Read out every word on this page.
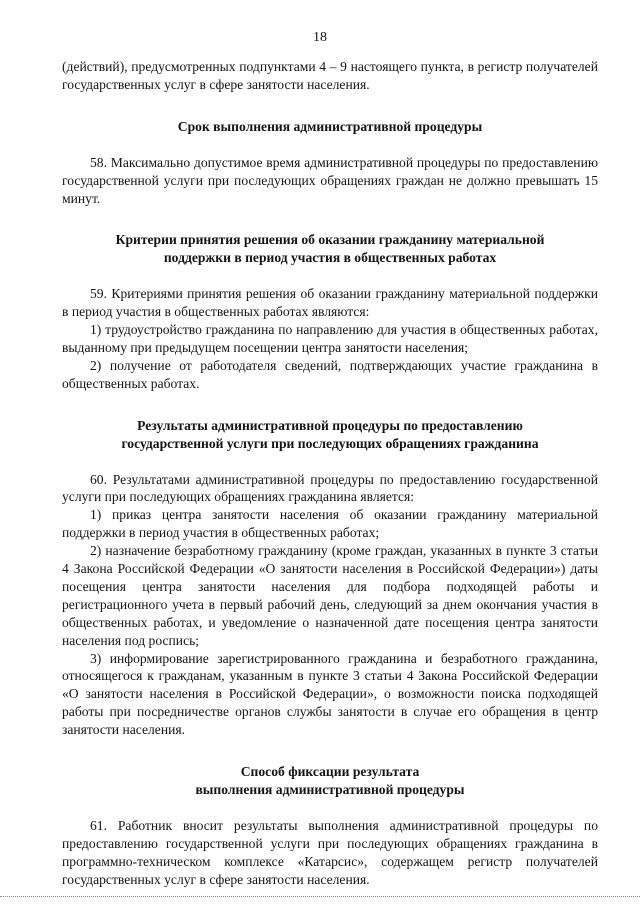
18

(действий), предусмотренных подпунктами 4 – 9 настоящего пункта, в регистр получателей государственных услуг в сфере занятости населения.

Срок выполнения административной процедуры

58. Максимально допустимое время административной процедуры по предоставлению государственной услуги при последующих обращениях граждан не должно превышать 15 минут.

Критерии принятия решения об оказании гражданину материальной поддержки в период участия в общественных работах

59. Критериями принятия решения об оказании гражданину материальной поддержки в период участия в общественных работах являются:

1) трудоустройство гражданина по направлению для участия в общественных работах, выданному при предыдущем посещении центра занятости населения;

2) получение от работодателя сведений, подтверждающих участие гражданина в общественных работах.

Результаты административной процедуры по предоставлению государственной услуги при последующих обращениях гражданина

60. Результатами административной процедуры по предоставлению государственной услуги при последующих обращениях гражданина является:

1) приказ центра занятости населения об оказании гражданину материальной поддержки в период участия в общественных работах;

2) назначение безработному гражданину (кроме граждан, указанных в пункте 3 статьи 4 Закона Российской Федерации «О занятости населения в Российской Федерации») даты посещения центра занятости населения для подбора подходящей работы и регистрационного учета в первый рабочий день, следующий за днем окончания участия в общественных работах, и уведомление о назначенной дате посещения центра занятости населения под роспись;

3) информирование зарегистрированного гражданина и безработного гражданина, относящегося к гражданам, указанным в пункте 3 статьи 4 Закона Российской Федерации «О занятости населения в Российской Федерации», о возможности поиска подходящей работы при посредничестве органов службы занятости в случае его обращения в центр занятости населения.

Способ фиксации результата
выполнения административной процедуры

61. Работник вносит результаты выполнения административной процедуры по предоставлению государственной услуги при последующих обращениях гражданина в программно-техническом комплексе «Катарсис», содержащем регистр получателей государственных услуг в сфере занятости населения.
